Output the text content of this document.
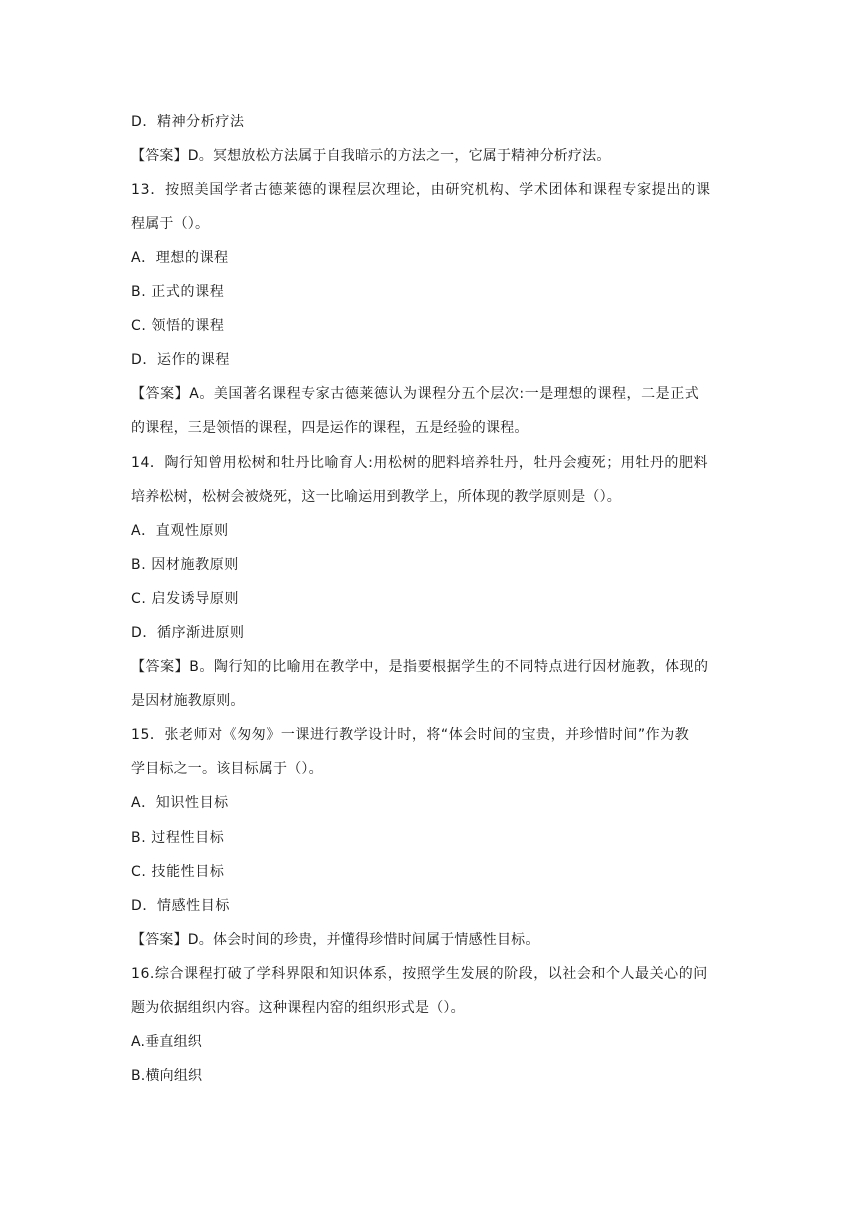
D．精神分析疗法
【答案】D。冥想放松方法属于自我暗示的方法之一，它属于精神分析疗法。
13．按照美国学者古德莱德的课程层次理论，由研究机构、学术团体和课程专家提出的课
程属于（）。
A．理想的课程
B. 正式的课程
C. 领悟的课程
D．运作的课程
【答案】A。美国著名课程专家古德莱德认为课程分五个层次:一是理想的课程，二是正式
的课程，三是领悟的课程，四是运作的课程，五是经验的课程。
14．陶行知曾用松树和牡丹比喻育人:用松树的肥料培养牡丹，牡丹会瘦死；用牡丹的肥料
培养松树，松树会被烧死，这一比喻运用到教学上，所体现的教学原则是（）。
A．直观性原则
B. 因材施教原则
C. 启发诱导原则
D．循序渐进原则
【答案】B。陶行知的比喻用在教学中，是指要根据学生的不同特点进行因材施教，体现的
是因材施教原则。
15．张老师对《匆匆》一课进行教学设计时，将“体会时间的宝贵，并珍惜时间”作为教
学目标之一。该目标属于（）。
A．知识性目标
B. 过程性目标
C. 技能性目标
D．情感性目标
【答案】D。体会时间的珍贵，并懂得珍惜时间属于情感性目标。
16.综合课程打破了学科界限和知识体系，按照学生发展的阶段，以社会和个人最关心的问
题为依据组织内容。这种课程内窑的组织形式是（）。
A.垂直组织
B.横向组织
